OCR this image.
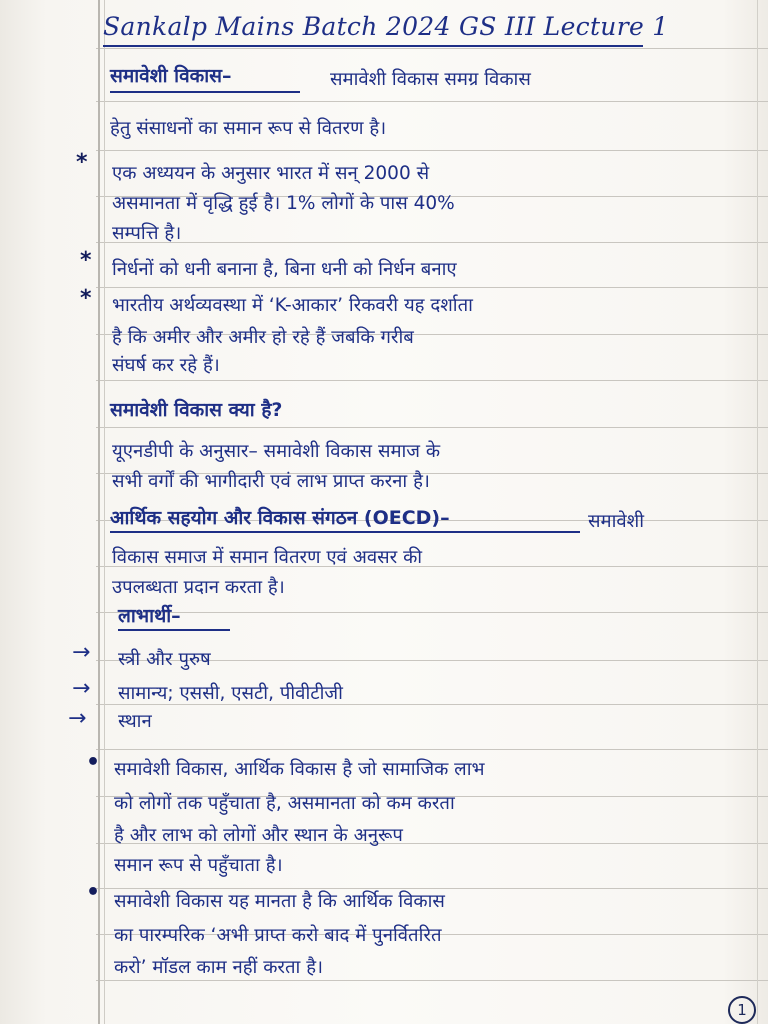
Sankalp Mains Batch 2024 GS III Lecture 1
समावेशी विकास–	समावेशी विकास समग्र विकास
हेतु संसाधनों का समान रूप से वितरण है।
* एक अध्ययन के अनुसार भारत में सन् 2000 से
असमानता में वृद्धि हुई है। 1% लोगों के पास 40%
सम्पत्ति है।
* निर्धनों को धनी बनाना है, बिना धनी को निर्धन बनाए
* भारतीय अर्थव्यवस्था में ‘K-आकार’ रिकवरी यह दर्शाता
है कि अमीर और अमीर हो रहे हैं जबकि गरीब
संघर्ष कर रहे हैं।
समावेशी विकास क्या है?
यूएनडीपी के अनुसार– समावेशी विकास समाज के
सभी वर्गों की भागीदारी एवं लाभ प्राप्त करना है।
आर्थिक सहयोग और विकास संगठन (OECD)–	समावेशी
विकास समाज में समान वितरण एवं अवसर की
उपलब्धता प्रदान करता है।
लाभार्थी–
→ स्त्री और पुरुष
→ सामान्य; एससी, एसटी, पीवीटीजी
→ स्थान
• समावेशी विकास, आर्थिक विकास है जो सामाजिक लाभ
को लोगों तक पहुँचाता है, असमानता को कम करता
है और लाभ को लोगों और स्थान के अनुरूप
समान रूप से पहुँचाता है।
• समावेशी विकास यह मानता है कि आर्थिक विकास
का पारम्परिक ‘अभी प्राप्त करो बाद में पुनर्वितरित
करो’ मॉडल काम नहीं करता है।
1
